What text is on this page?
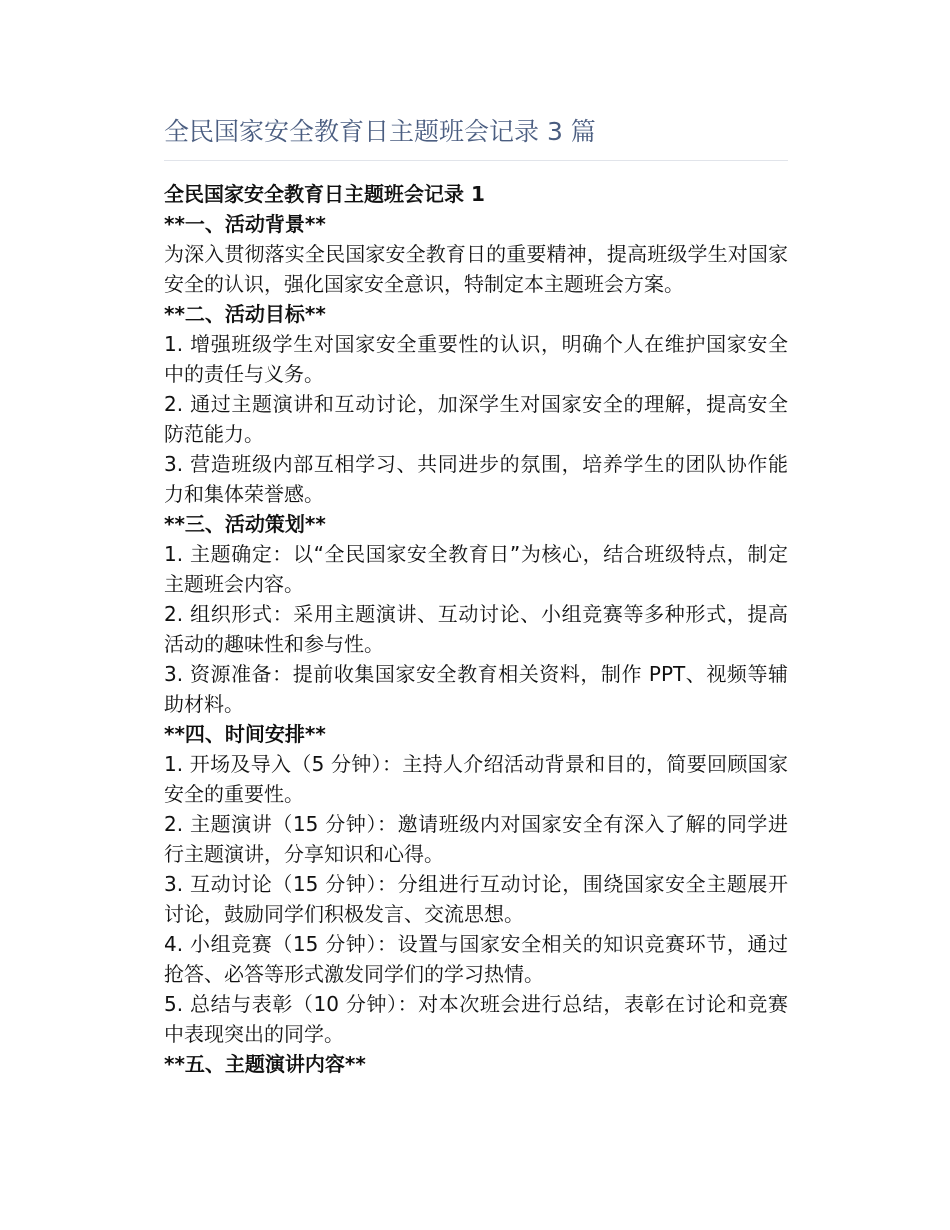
全民国家安全教育日主题班会记录 3 篇

全民国家安全教育日主题班会记录 1

**一、活动背景**

为深入贯彻落实全民国家安全教育日的重要精神，提高班级学生对国家安全的认识，强化国家安全意识，特制定本主题班会方案。

**二、活动目标**

1. 增强班级学生对国家安全重要性的认识，明确个人在维护国家安全中的责任与义务。

2. 通过主题演讲和互动讨论，加深学生对国家安全的理解，提高安全防范能力。

3. 营造班级内部互相学习、共同进步的氛围，培养学生的团队协作能力和集体荣誉感。

**三、活动策划**

1. 主题确定：以“全民国家安全教育日”为核心，结合班级特点，制定主题班会内容。

2. 组织形式：采用主题演讲、互动讨论、小组竞赛等多种形式，提高活动的趣味性和参与性。

3. 资源准备：提前收集国家安全教育相关资料，制作 PPT、视频等辅助材料。

**四、时间安排**

1. 开场及导入（5 分钟）：主持人介绍活动背景和目的，简要回顾国家安全的重要性。

2. 主题演讲（15 分钟）：邀请班级内对国家安全有深入了解的同学进行主题演讲，分享知识和心得。

3. 互动讨论（15 分钟）：分组进行互动讨论，围绕国家安全主题展开讨论，鼓励同学们积极发言、交流思想。

4. 小组竞赛（15 分钟）：设置与国家安全相关的知识竞赛环节，通过抢答、必答等形式激发同学们的学习热情。

5. 总结与表彰（10 分钟）：对本次班会进行总结，表彰在讨论和竞赛中表现突出的同学。

**五、主题演讲内容**
